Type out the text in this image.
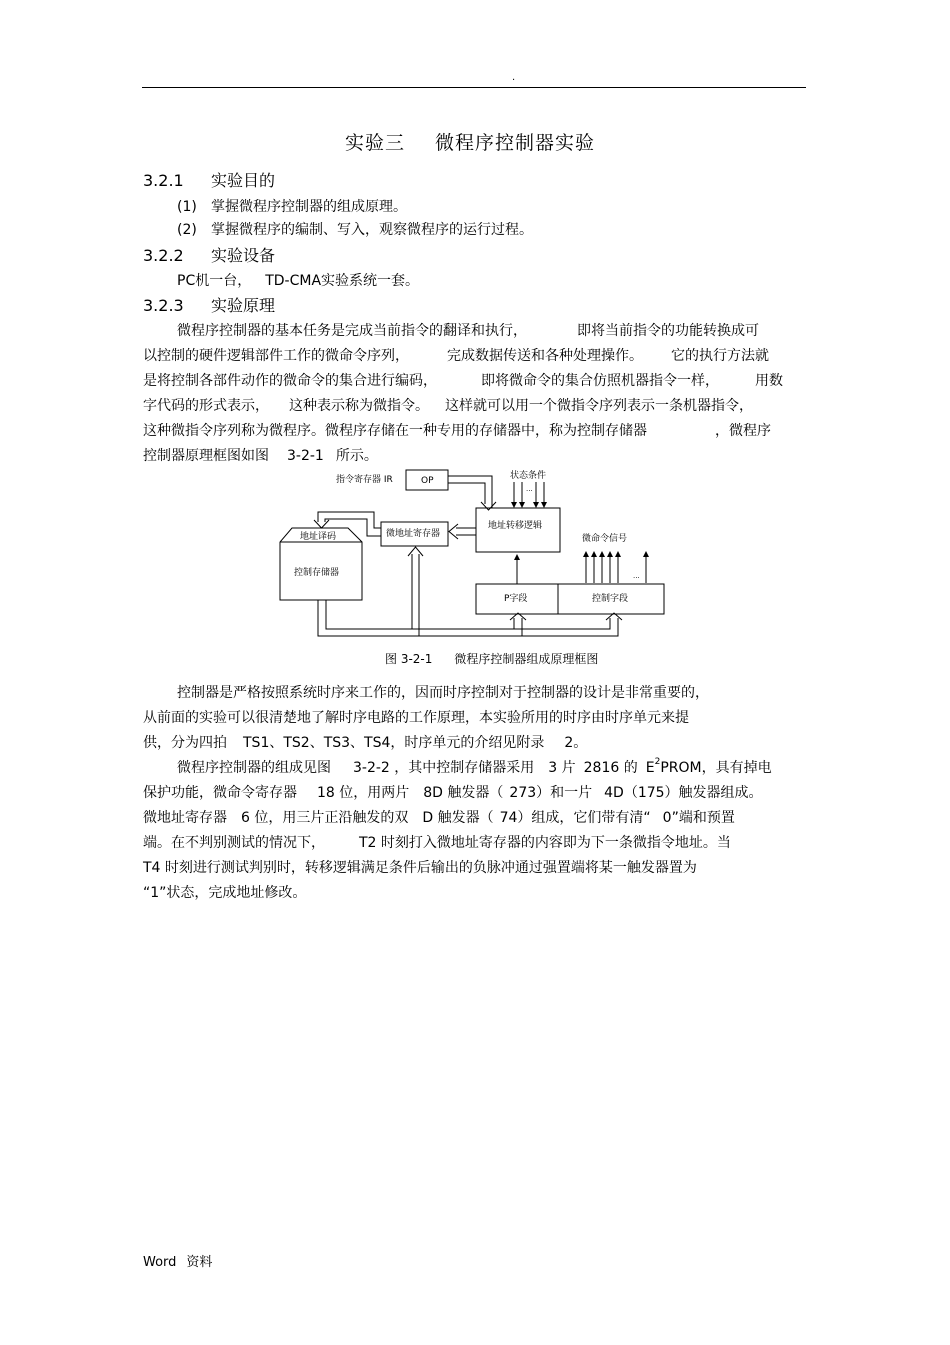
.
实验三 微程序控制器实验
3.2.1 实验目的
(1) 掌握微程序控制器的组成原理。
(2) 掌握微程序的编制、写入，观察微程序的运行过程。
3.2.2 实验设备
PC机一台， TD-CMA实验系统一套。
3.2.3 实验原理
微程序控制器的基本任务是完成当前指令的翻译和执行，	即将当前指令的功能转换成可
以控制的硬件逻辑部件工作的微命令序列，	完成数据传送和各种处理操作。 它的执行方法就
是将控制各部件动作的微命令的集合进行编码，	即将微命令的集合仿照机器指令一样，	用数
字代码的形式表示， 这种表示称为微指令。 这样就可以用一个微指令序列表示一条机器指令，
这种微指令序列称为微程序。微程序存储在一种专用的存储器中，称为控制存储器	，微程序
控制器原理框图如图 3-2-1 所示。
指令寄存器 IR	OP	状态条件
···
地址转移逻辑
微地址寄存器
地址译码
控制存储器
微命令信号
...
P字段	控制字段
图 3-2-1 微程序控制器组成原理框图
控制器是严格按照系统时序来工作的，因而时序控制对于控制器的设计是非常重要的，
从前面的实验可以很清楚地了解时序电路的工作原理，本实验所用的时序由时序单元来提
供，分为四拍 TS1、TS2、TS3、TS4，时序单元的介绍见附录 2。
微程序控制器的组成见图 3-2-2 ，其中控制存储器采用 3 片 2816 的 $E^2PROM$，具有掉电
保护功能，微命令寄存器 18 位，用两片 8D 触发器（ 273）和一片 4D（175）触发器组成。
微地址寄存器 6 位，用三片正沿触发的双 D 触发器（ 74）组成，它们带有清“ 0”端和预置
端。在不判别测试的情况下， T2 时刻打入微地址寄存器的内容即为下一条微指令地址。当
T4 时刻进行测试判别时，转移逻辑满足条件后输出的负脉冲通过强置端将某一触发器置为
“1”状态，完成地址修改。
Word 资料
